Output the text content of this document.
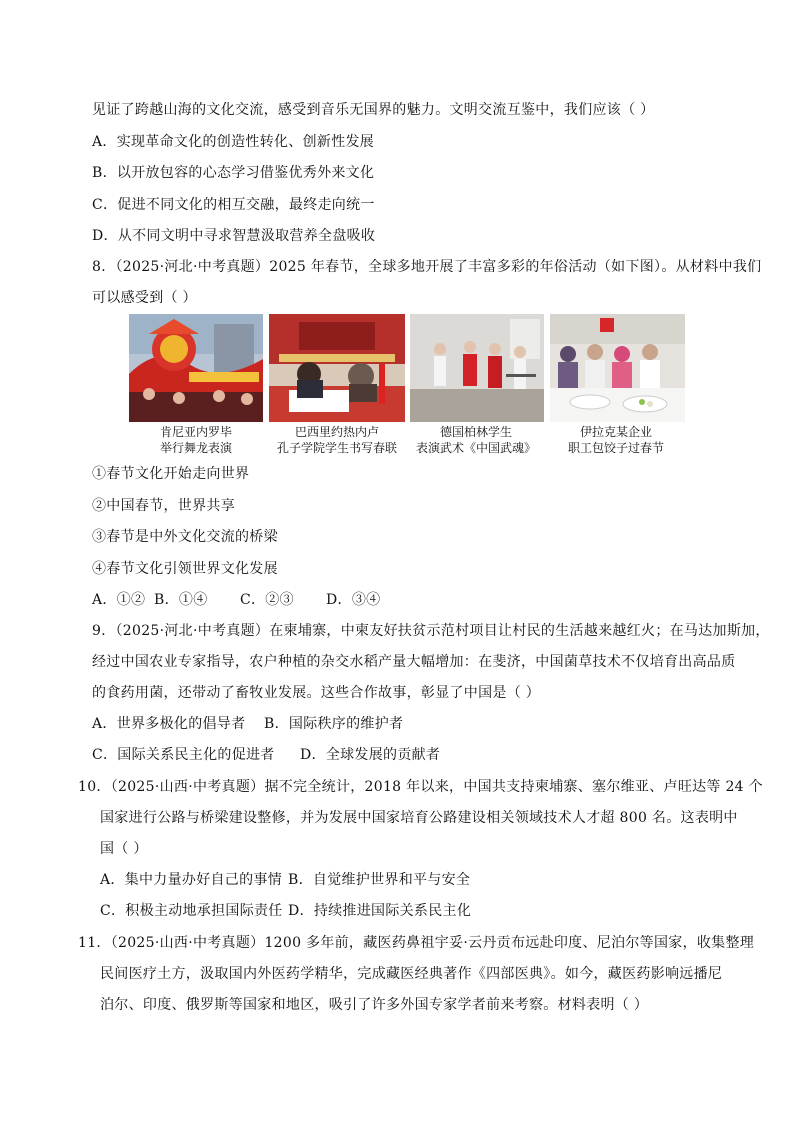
见证了跨越山海的文化交流，感受到音乐无国界的魅力。文明交流互鉴中，我们应该（ ）
A．实现革命文化的创造性转化、创新性发展
B．以开放包容的心态学习借鉴优秀外来文化
C．促进不同文化的相互交融，最终走向统一
D．从不同文明中寻求智慧汲取营养全盘吸收
8．（2025·河北·中考真题）2025 年春节，全球多地开展了丰富多彩的年俗活动（如下图）。从材料中我们
可以感受到（ ）
肯尼亚内罗毕
举行舞龙表演
巴西里约热内卢
孔子学院学生书写春联
德国柏林学生
表演武术《中国武魂》
伊拉克某企业
职工包饺子过春节
①春节文化开始走向世界
②中国春节，世界共享
③春节是中外文化交流的桥梁
④春节文化引领世界文化发展
A．①② B．①④ C．②③ D．③④
9．（2025·河北·中考真题）在柬埔寨，中柬友好扶贫示范村项目让村民的生活越来越红火；在马达加斯加，
经过中国农业专家指导，农户种植的杂交水稻产量大幅增加：在斐济，中国菌草技术不仅培育出高品质
的食药用菌，还带动了畜牧业发展。这些合作故事，彰显了中国是（ ）
A．世界多极化的倡导者 B．国际秩序的维护者
C．国际关系民主化的促进者 D．全球发展的贡献者
10．（2025·山西·中考真题）据不完全统计，2018 年以来，中国共支持柬埔寨、塞尔维亚、卢旺达等 24 个
国家进行公路与桥梁建设整修，并为发展中国家培育公路建设相关领域技术人才超 800 名。这表明中
国（ ）
A．集中力量办好自己的事情 B．自觉维护世界和平与安全
C．积极主动地承担国际责任 D．持续推进国际关系民主化
11．（2025·山西·中考真题）1200 多年前，藏医药鼻祖宇妥·云丹贡布远赴印度、尼泊尔等国家，收集整理
民间医疗土方，汲取国内外医药学精华，完成藏医经典著作《四部医典》。如今，藏医药影响远播尼
泊尔、印度、俄罗斯等国家和地区，吸引了许多外国专家学者前来考察。材料表明（ ）
